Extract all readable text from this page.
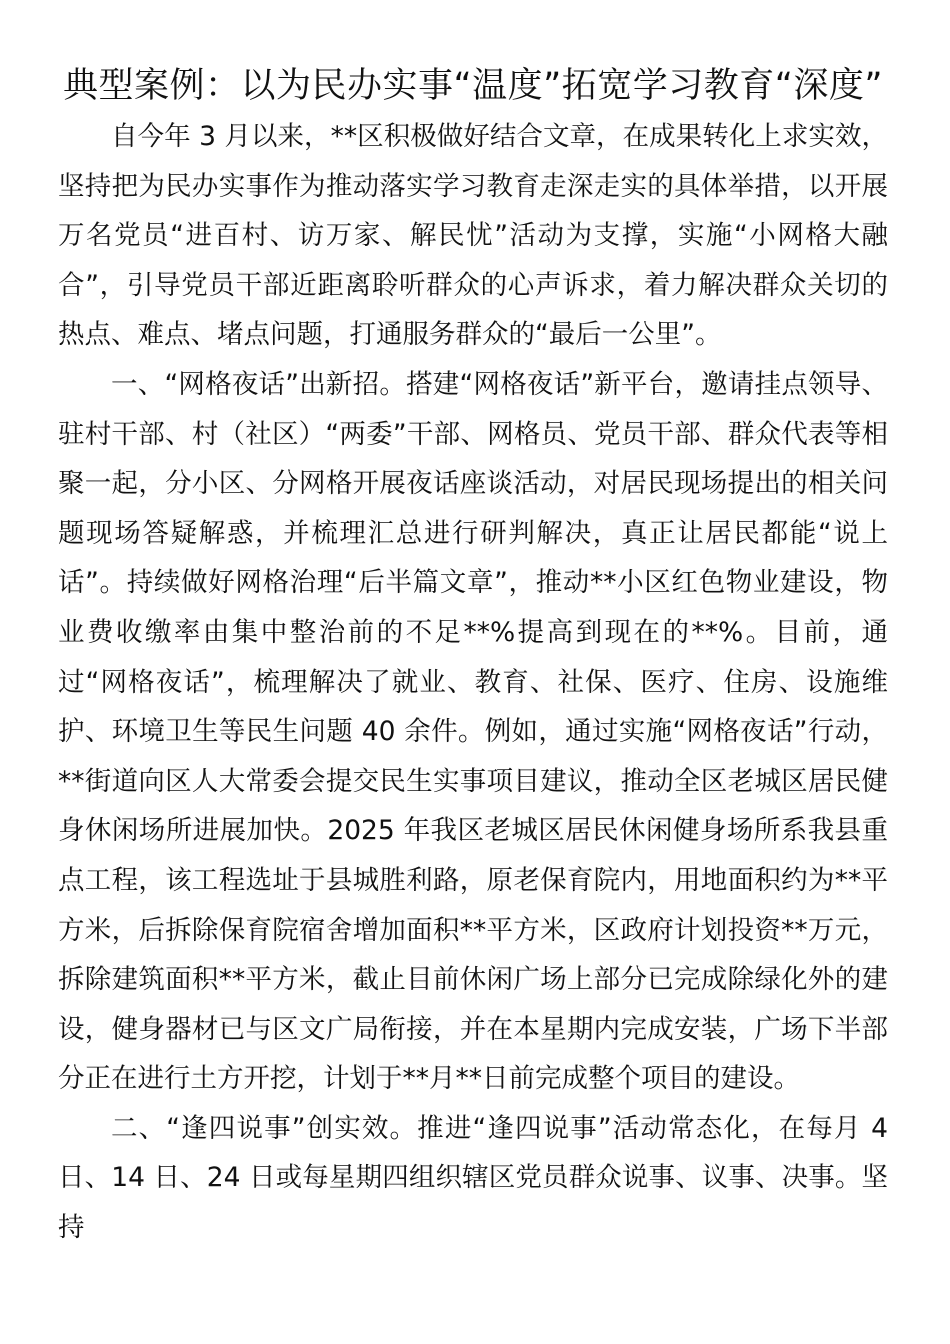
典型案例：以为民办实事“温度”拓宽学习教育“深度”

自今年 3 月以来，**区积极做好结合文章，在成果转化上求实效，坚持把为民办实事作为推动落实学习教育走深走实的具体举措，以开展万名党员“进百村、访万家、解民忧”活动为支撑，实施“小网格大融合”，引导党员干部近距离聆听群众的心声诉求，着力解决群众关切的热点、难点、堵点问题，打通服务群众的“最后一公里”。

一、“网格夜话”出新招。搭建“网格夜话”新平台，邀请挂点领导、驻村干部、村（社区）“两委”干部、网格员、党员干部、群众代表等相聚一起，分小区、分网格开展夜话座谈活动，对居民现场提出的相关问题现场答疑解惑，并梳理汇总进行研判解决，真正让居民都能“说上话”。持续做好网格治理“后半篇文章”，推动**小区红色物业建设，物业费收缴率由集中整治前的不足**%提高到现在的**%。目前，通过“网格夜话”，梳理解决了就业、教育、社保、医疗、住房、设施维护、环境卫生等民生问题 40 余件。例如，通过实施“网格夜话”行动，**街道向区人大常委会提交民生实事项目建议，推动全区老城区居民健身休闲场所进展加快。2025 年我区老城区居民休闲健身场所系我县重点工程，该工程选址于县城胜利路，原老保育院内，用地面积约为**平方米，后拆除保育院宿舍增加面积**平方米，区政府计划投资**万元，拆除建筑面积**平方米，截止目前休闲广场上部分已完成除绿化外的建设，健身器材已与区文广局衔接，并在本星期内完成安装，广场下半部分正在进行土方开挖，计划于**月**日前完成整个项目的建设。

二、“逢四说事”创实效。推进“逢四说事”活动常态化，在每月 4 日、14 日、24 日或每星期四组织辖区党员群众说事、议事、决事。坚持
